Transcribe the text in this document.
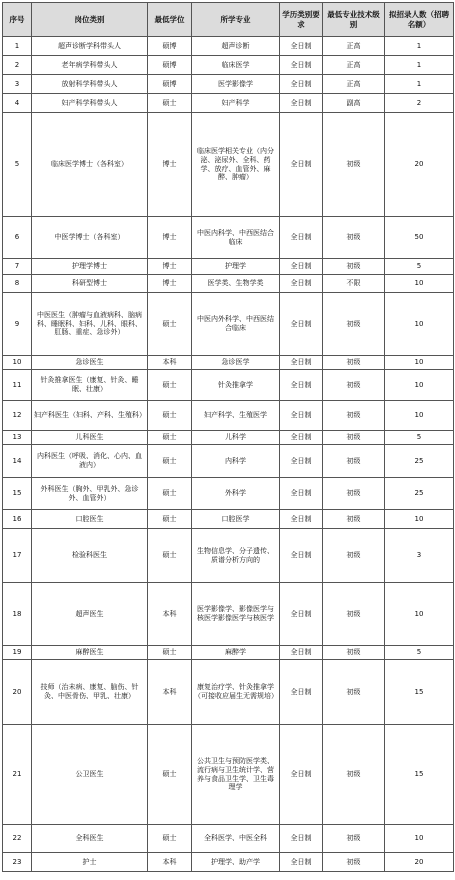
序号	岗位类别	最低学位	所学专业	学历类别要求	最低专业技术级别	拟招录人数（招聘名额）
1	超声诊断学科带头人	硕博	超声诊断	全日制	正高	1
2	老年病学科带头人	硕博	临床医学	全日制	正高	1
3	放射科学科带头人	硕博	医学影像学	全日制	正高	1
4	妇产科学科带头人	硕士	妇产科学	全日制	副高	2
5	临床医学博士（各科室）	博士	临床医学相关专业（内分泌、泌尿外、全科、药学、放疗、血管外、麻醉、肿瘤）	全日制	初级	20
6	中医学博士（各科室）	博士	中医内科学、中西医结合临床	全日制	初级	50
7	护理学博士	博士	护理学	全日制	初级	5
8	科研型博士	博士	医学类、生物学类	全日制	不限	10
9	中医医生（肿瘤与血液病科、脑病科、睡眠科、妇科、儿科、眼科、肛肠、重症、急诊外）	硕士	中医内外科学、中西医结合临床	全日制	初级	10
10	急诊医生	本科	急诊医学	全日制	初级	10
11	针灸推拿医生（康复、针灸、睡眠、壮康）	硕士	针灸推拿学	全日制	初级	10
12	妇产科医生（妇科、产科、生殖科）	硕士	妇产科学、生殖医学	全日制	初级	10
13	儿科医生	硕士	儿科学	全日制	初级	5
14	内科医生（呼吸、消化、心内、血液内）	硕士	内科学	全日制	初级	25
15	外科医生（胸外、甲乳外、急诊外、血管外）	硕士	外科学	全日制	初级	25
16	口腔医生	硕士	口腔医学	全日制	初级	10
17	检验科医生	硕士	生物信息学、分子遗传、质谱分析方向的	全日制	初级	3
18	超声医生	本科	医学影像学、影像医学与核医学影像医学与核医学	全日制	初级	10
19	麻醉医生	硕士	麻醉学	全日制	初级	5
20	技师（治未病、康复、脑伤、针灸、中医骨伤、甲乳、壮康）	本科	康复治疗学、针灸推拿学（可接收应届生无需规培）	全日制	初级	15
21	公卫医生	硕士	公共卫生与预防医学类、流行病与卫生统计学、营养与食品卫生学、卫生毒理学	全日制	初级	15
22	全科医生	硕士	全科医学、中医全科	全日制	初级	10
23	护士	本科	护理学、助产学	全日制	初级	20
